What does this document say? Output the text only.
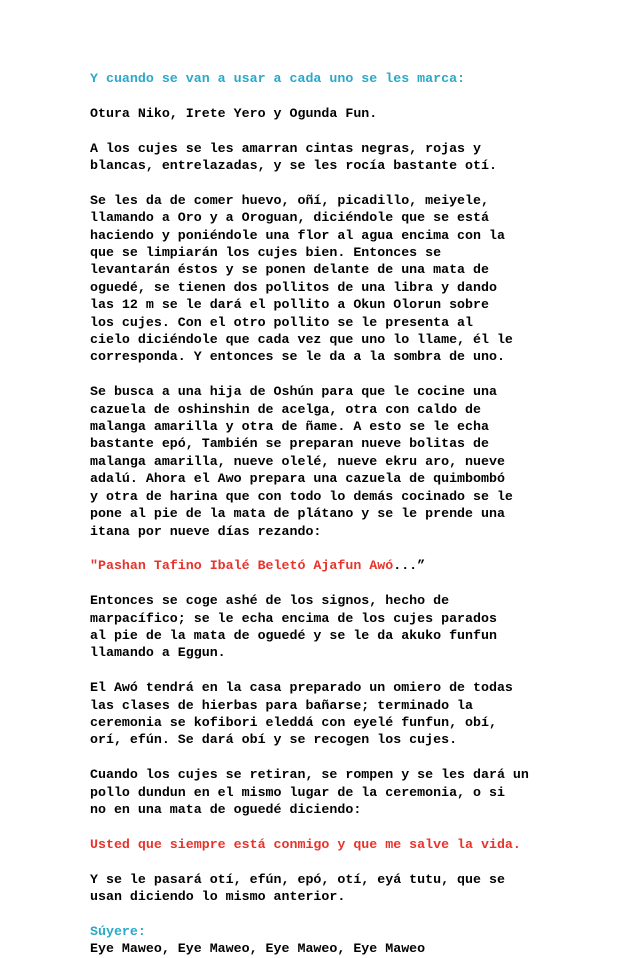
Y cuando se van a usar a cada uno se les marca:

Otura Niko, Irete Yero y Ogunda Fun.

A los cujes se les amarran cintas negras, rojas y
blancas, entrelazadas, y se les rocía bastante otí.

Se les da de comer huevo, oñí, picadillo, meiyele,
llamando a Oro y a Oroguan, diciéndole que se está
haciendo y poniéndole una flor al agua encima con la
que se limpiarán los cujes bien. Entonces se
levantarán éstos y se ponen delante de una mata de
oguedé, se tienen dos pollitos de una libra y dando
las 12 m se le dará el pollito a Okun Olorun sobre
los cujes. Con el otro pollito se le presenta al
cielo diciéndole que cada vez que uno lo llame, él le
corresponda. Y entonces se le da a la sombra de uno.

Se busca a una hija de Oshún para que le cocine una
cazuela de oshinshin de acelga, otra con caldo de
malanga amarilla y otra de ñame. A esto se le echa
bastante epó, También se preparan nueve bolitas de
malanga amarilla, nueve olelé, nueve ekru aro, nueve
adalú. Ahora el Awo prepara una cazuela de quimbombó
y otra de harina que con todo lo demás cocinado se le
pone al pie de la mata de plátano y se le prende una
itana por nueve días rezando:

"Pashan Tafino Ibalé Beletó Ajafun Awó...”

Entonces se coge ashé de los signos, hecho de
marpacífico; se le echa encima de los cujes parados
al pie de la mata de oguedé y se le da akuko funfun
llamando a Eggun.

El Awó tendrá en la casa preparado un omiero de todas
las clases de hierbas para bañarse; terminado la
ceremonia se kofibori eleddá con eyelé funfun, obí,
orí, efún. Se dará obí y se recogen los cujes.

Cuando los cujes se retiran, se rompen y se les dará un
pollo dundun en el mismo lugar de la ceremonia, o si
no en una mata de oguedé diciendo:

Usted que siempre está conmigo y que me salve la vida.

Y se le pasará otí, efún, epó, otí, eyá tutu, que se
usan diciendo lo mismo anterior.

Súyere:

Eye Maweo, Eye Maweo, Eye Maweo, Eye Maweo
